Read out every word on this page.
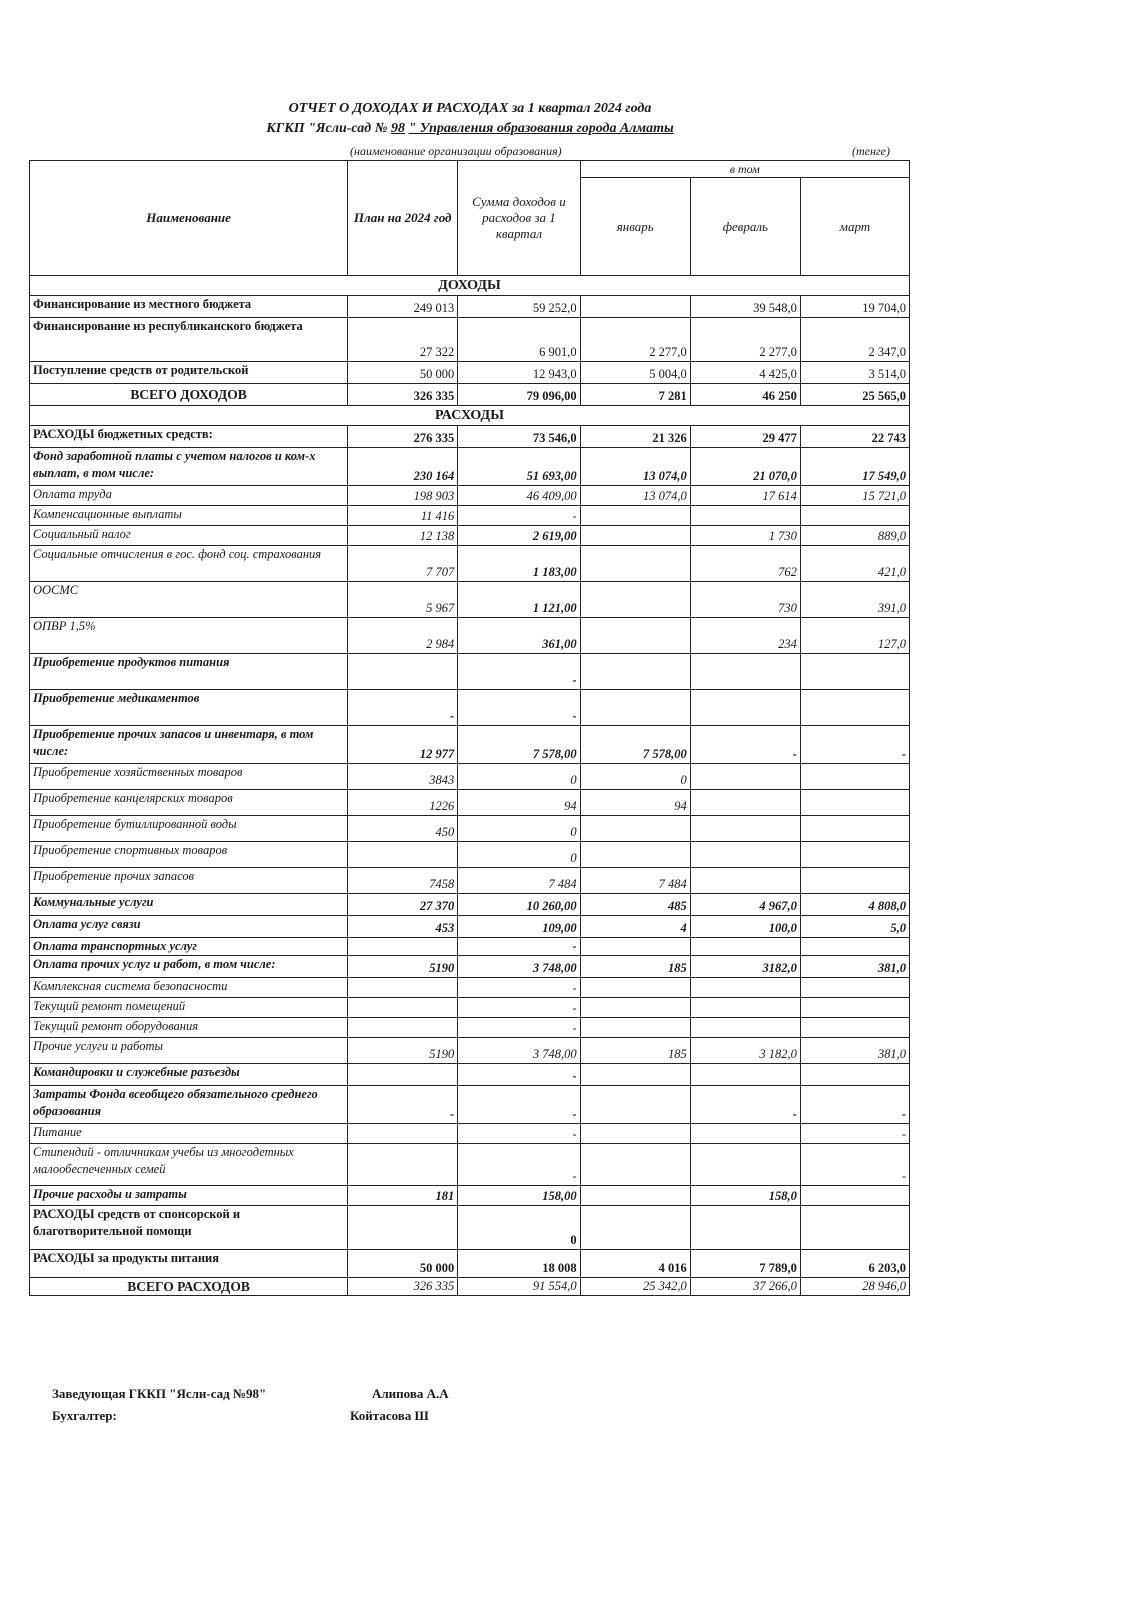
ОТЧЕТ О ДОХОДАХ И РАСХОДАХ за 1 квартал 2024 года
КГКП "Ясли-сад № 98 " Управления образования города Алматы
(наименование организации образования)	(тенге)
Наименование	План на 2024 год	Сумма доходов и расходов за 1 квартал	в том		
			январь	февраль	март
ДОХОДЫ					
Финансирование из местного бюджета	249 013	59 252,0		39 548,0	19 704,0
Финансирование из республиканского бюджета	27 322	6 901,0	2 277,0	2 277,0	2 347,0
Поступление средств от родительской	50 000	12 943,0	5 004,0	4 425,0	3 514,0
ВСЕГО ДОХОДОВ	326 335	79 096,00	7 281	46 250	25 565,0
РАСХОДЫ					
РАСХОДЫ бюджетных средств:	276 335	73 546,0	21 326	29 477	22 743
Фонд заработной платы с учетом налогов и ком-х выплат, в том числе:	230 164	51 693,00	13 074,0	21 070,0	17 549,0
Оплата труда	198 903	46 409,00	13 074,0	17 614	15 721,0
Компенсационные выплаты	11 416	-			
Социальный налог	12 138	2 619,00		1 730	889,0
Социальные отчисления в гос. фонд соц. страхования	7 707	1 183,00		762	421,0
ООСМС	5 967	1 121,00		730	391,0
ОПВР 1,5%	2 984	361,00		234	127,0
Приобретение продуктов питания		-			
Приобретение медикаментов	-	-			
Приобретение прочих запасов и инвентаря, в том числе:	12 977	7 578,00	7 578,00	-	-
Приобретение хозяйственных товаров	3843	0	0		
Приобретение канцелярских товаров	1226	94	94		
Приобретение бутиллированной воды	450	0			
Приобретение спортивных товаров		0			
Приобретение прочих запасов	7458	7 484	7 484		
Коммунальные услуги	27 370	10 260,00	485	4 967,0	4 808,0
Оплата услуг связи	453	109,00	4	100,0	5,0
Оплата транспортных услуг		-			
Оплата прочих услуг и работ, в том числе:	5190	3 748,00	185	3182,0	381,0
Комплексная система безопасности		-			
Текущий ремонт помещений		-			
Текущий ремонт оборудования		-			
Прочие услуги и работы	5190	3 748,00	185	3 182,0	381,0
Командировки и служебные разъезды		-			
Затраты Фонда всеобщего обязательного среднего образования	-	-		-	-
Питание		-			-
Стипендий - отличникам учебы из многодетных малообеспеченных семей		-			-
Прочие расходы и затраты	181	158,00		158,0	
РАСХОДЫ средств от спонсорской и благотворительной помощи		0			
РАСХОДЫ за продукты питания	50 000	18 008	4 016	7 789,0	6 203,0
ВСЕГО РАСХОДОВ	326 335	91 554,0	25 342,0	37 266,0	28 946,0
Заведующая ГККП "Ясли-сад №98"	Алипова А.А
Бухгалтер:	Койтасова Ш
